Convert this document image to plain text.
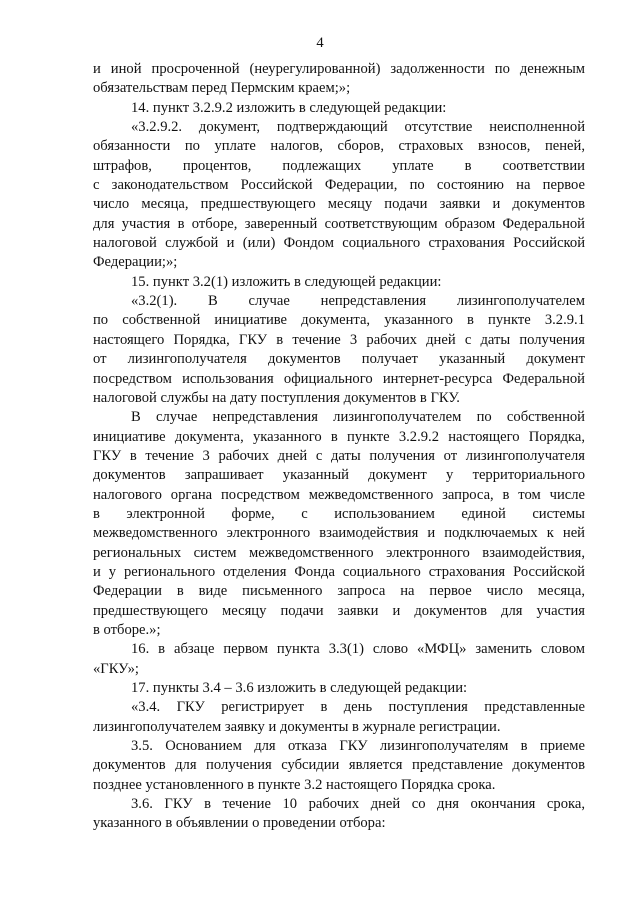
4
и иной просроченной (неурегулированной) задолженности по денежным
обязательствам перед Пермским краем;»;
14. пункт 3.2.9.2 изложить в следующей редакции:
«3.2.9.2. документ, подтверждающий отсутствие неисполненной
обязанности по уплате налогов, сборов, страховых взносов, пеней,
штрафов, процентов, подлежащих уплате в соответствии
с законодательством Российской Федерации, по состоянию на первое
число месяца, предшествующего месяцу подачи заявки и документов
для участия в отборе, заверенный соответствующим образом Федеральной
налоговой службой и (или) Фондом социального страхования Российской
Федерации;»;
15. пункт 3.2(1) изложить в следующей редакции:
«3.2(1). В случае непредставления лизингополучателем
по собственной инициативе документа, указанного в пункте 3.2.9.1
настоящего Порядка, ГКУ в течение 3 рабочих дней с даты получения
от лизингополучателя документов получает указанный документ
посредством использования официального интернет-ресурса Федеральной
налоговой службы на дату поступления документов в ГКУ.
В случае непредставления лизингополучателем по собственной
инициативе документа, указанного в пункте 3.2.9.2 настоящего Порядка,
ГКУ в течение 3 рабочих дней с даты получения от лизингополучателя
документов запрашивает указанный документ у территориального
налогового органа посредством межведомственного запроса, в том числе
в электронной форме, с использованием единой системы
межведомственного электронного взаимодействия и подключаемых к ней
региональных систем межведомственного электронного взаимодействия,
и у регионального отделения Фонда социального страхования Российской
Федерации в виде письменного запроса на первое число месяца,
предшествующего месяцу подачи заявки и документов для участия
в отборе.»;
16. в абзаце первом пункта 3.3(1) слово «МФЦ» заменить словом
«ГКУ»;
17. пункты 3.4 – 3.6 изложить в следующей редакции:
«3.4. ГКУ регистрирует в день поступления представленные
лизингополучателем заявку и документы в журнале регистрации.
3.5. Основанием для отказа ГКУ лизингополучателям в приеме
документов для получения субсидии является представление документов
позднее установленного в пункте 3.2 настоящего Порядка срока.
3.6. ГКУ в течение 10 рабочих дней со дня окончания срока,
указанного в объявлении о проведении отбора:
